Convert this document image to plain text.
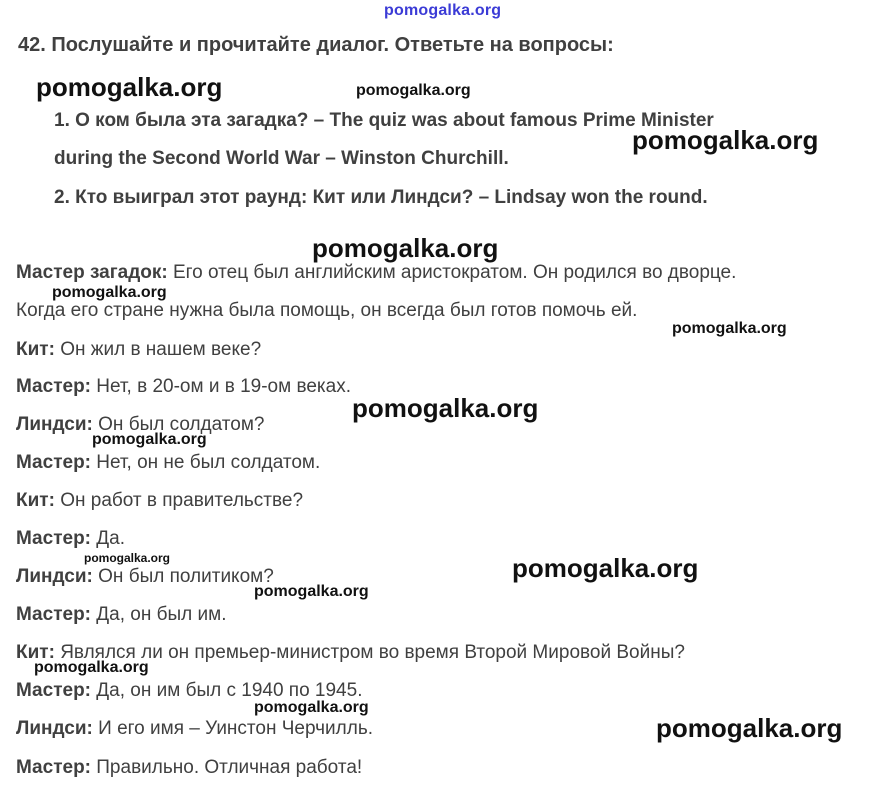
pomogalka.org
42. Послушайте и прочитайте диалог. Ответьте на вопросы:
1. О ком была эта загадка? – The quiz was about famous Prime Minister
during the Second World War – Winston Churchill.
2. Кто выиграл этот раунд: Кит или Линдси? – Lindsay won the round.
Мастер загадок: Его отец был английским аристократом. Он родился во дворце.
Когда его стране нужна была помощь, он всегда был готов помочь ей.
Кит: Он жил в нашем веке?
Мастер: Нет, в 20-ом и в 19-ом веках.
Линдси: Он был солдатом?
Мастер: Нет, он не был солдатом.
Кит: Он работ в правительстве?
Мастер: Да.
Линдси: Он был политиком?
Мастер: Да, он был им.
Кит: Являлся ли он премьер-министром во время Второй Мировой Войны?
Мастер: Да, он им был с 1940 по 1945.
Линдси: И его имя – Уинстон Черчилль.
Мастер: Правильно. Отличная работа!
pomogalka.org	pomogalka.org
pomogalka.org
pomogalka.org
pomogalka.org
pomogalka.org
pomogalka.org
pomogalka.org
pomogalka.org	pomogalka.org
pomogalka.org
pomogalka.org
pomogalka.org
pomogalka.org
